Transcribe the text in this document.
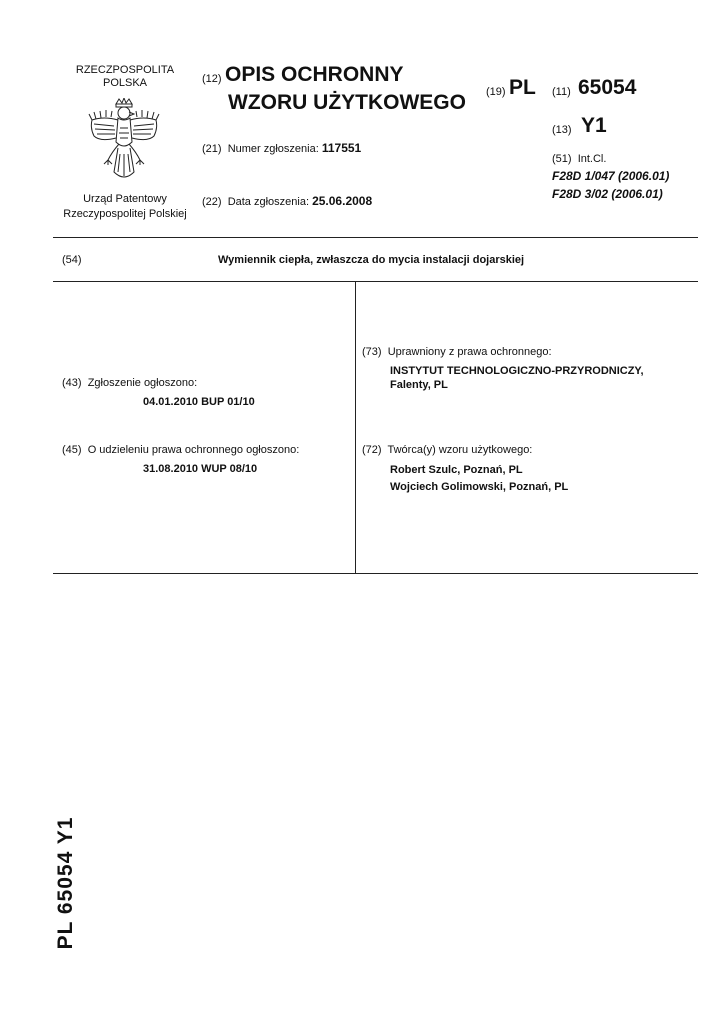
RZECZPOSPOLITA
POLSKA
Urząd Patentowy
Rzeczypospolitej Polskiej
(12) OPIS OCHRONNY
WZORU UŻYTKOWEGO (19) PL (11) 65054
(13) Y1
(21) Numer zgłoszenia: 117551
(51) Int.Cl.
F28D 1/047 (2006.01)
F28D 3/02 (2006.01)
(22) Data zgłoszenia: 25.06.2008
(54)	Wymiennik ciepła, zwłaszcza do mycia instalacji dojarskiej
(43) Zgłoszenie ogłoszono:
04.01.2010 BUP 01/10
(45) O udzieleniu prawa ochronnego ogłoszono:
31.08.2010 WUP 08/10
(73) Uprawniony z prawa ochronnego:
INSTYTUT TECHNOLOGICZNO-PRZYRODNICZY,
Falenty, PL
(72) Twórca(y) wzoru użytkowego:
Robert Szulc, Poznań, PL
Wojciech Golimowski, Poznań, PL
PL 65054 Y1
